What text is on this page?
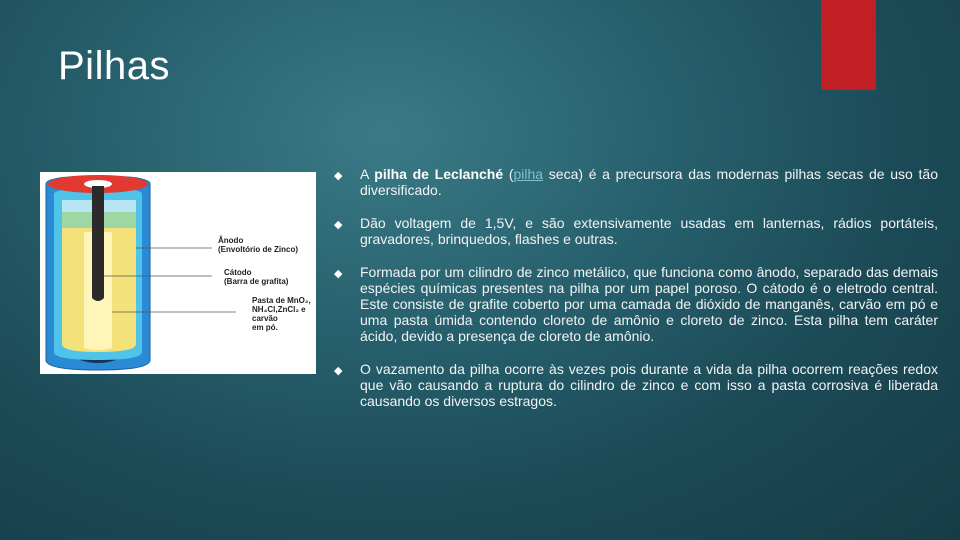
Pilhas
Ânodo
(Envoltório de Zinco)
Cátodo
(Barra de grafita)
Pasta de MnO₂,
NH₄Cl,ZnCl₂ e carvão
em pó.
◆ A pilha de Leclanché (pilha seca) é a precursora das modernas pilhas secas de uso tão diversificado.
◆ Dão voltagem de 1,5V, e são extensivamente usadas em lanternas, rádios portáteis, gravadores, brinquedos, flashes e outras.
◆ Formada por um cilindro de zinco metálico, que funciona como ânodo, separado das demais espécies químicas presentes na pilha por um papel poroso. O cátodo é o eletrodo central. Este consiste de grafite coberto por uma camada de dióxido de manganês, carvão em pó e uma pasta úmida contendo cloreto de amônio e cloreto de zinco. Esta pilha tem caráter ácido, devido a presença de cloreto de amônio.
◆ O vazamento da pilha ocorre às vezes pois durante a vida da pilha ocorrem reações redox que vão causando a ruptura do cilindro de zinco e com isso a pasta corrosiva é liberada causando os diversos estragos.
